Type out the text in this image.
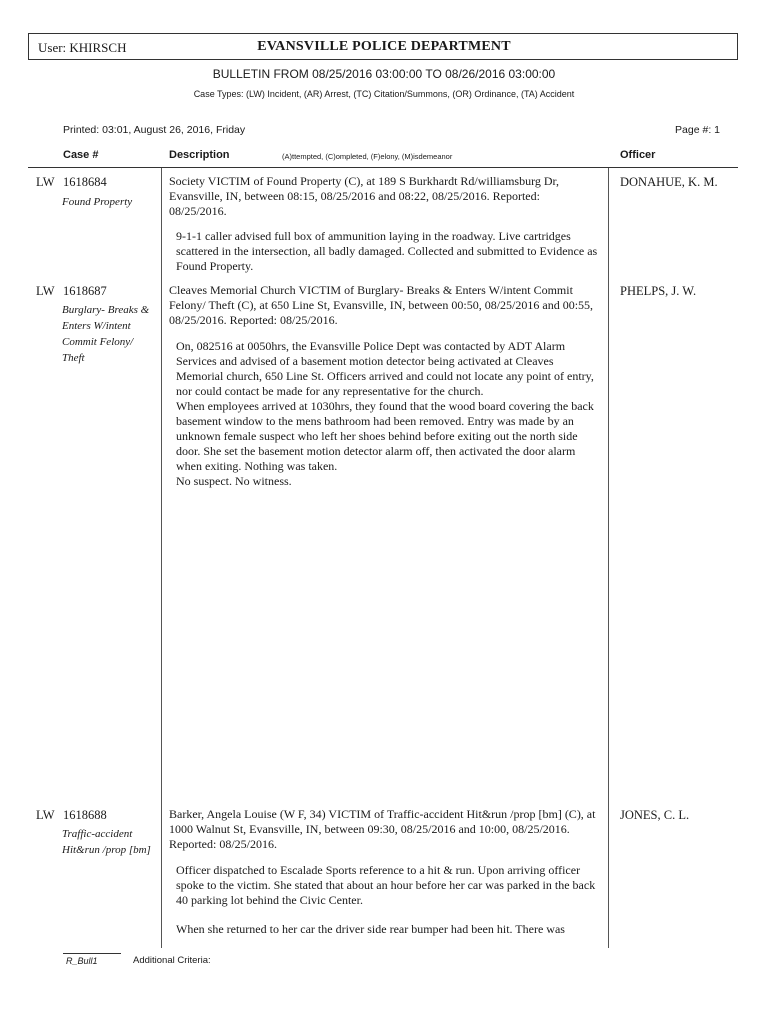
User: KHIRSCH	EVANSVILLE POLICE DEPARTMENT
BULLETIN FROM 08/25/2016 03:00:00 TO 08/26/2016 03:00:00
Case Types: (LW) Incident, (AR) Arrest, (TC) Citation/Summons, (OR) Ordinance, (TA) Accident
Printed: 03:01, August 26, 2016, Friday	Page #: 1
Case #	Description	(A)ttempted, (C)ompleted, (F)elony, (M)isdemeanor	Officer
LW 1618684
Found Property
Society VICTIM of Found Property (C), at 189 S Burkhardt Rd/williamsburg Dr, Evansville, IN, between 08:15, 08/25/2016 and 08:22, 08/25/2016. Reported: 08/25/2016.

9-1-1 caller advised full box of ammunition laying in the roadway. Live cartridges scattered in the intersection, all badly damaged. Collected and submitted to Evidence as Found Property.

DONAHUE, K. M.
LW 1618687
Burglary- Breaks & Enters W/intent Commit Felony/ Theft
Cleaves Memorial Church VICTIM of Burglary- Breaks & Enters W/intent Commit Felony/ Theft (C), at 650 Line St, Evansville, IN, between 00:50, 08/25/2016 and 00:55, 08/25/2016. Reported: 08/25/2016.

On, 082516 at 0050hrs, the Evansville Police Dept was contacted by ADT Alarm Services and advised of a basement motion detector being activated at Cleaves Memorial church, 650 Line St. Officers arrived and could not locate any point of entry, nor could contact be made for any representative for the church.

When employees arrived at 1030hrs, they found that the wood board covering the back basement window to the mens bathroom had been removed. Entry was made by an unknown female suspect who left her shoes behind before exiting out the north side door. She set the basement motion detector alarm off, then activated the door alarm when exiting. Nothing was taken.

No suspect. No witness.

PHELPS, J. W.
LW 1618688
Traffic-accident Hit&run /prop [bm]
Barker, Angela Louise (W F, 34) VICTIM of Traffic-accident Hit&run /prop [bm] (C), at 1000 Walnut St, Evansville, IN, between 09:30, 08/25/2016 and 10:00, 08/25/2016. Reported: 08/25/2016.

Officer dispatched to Escalade Sports reference to a hit & run. Upon arriving officer spoke to the victim. She stated that about an hour before her car was parked in the back 40 parking lot behind the Civic Center.

When she returned to her car the driver side rear bumper had been hit. There was

JONES, C. L.
R_Bull1	Additional Criteria:
